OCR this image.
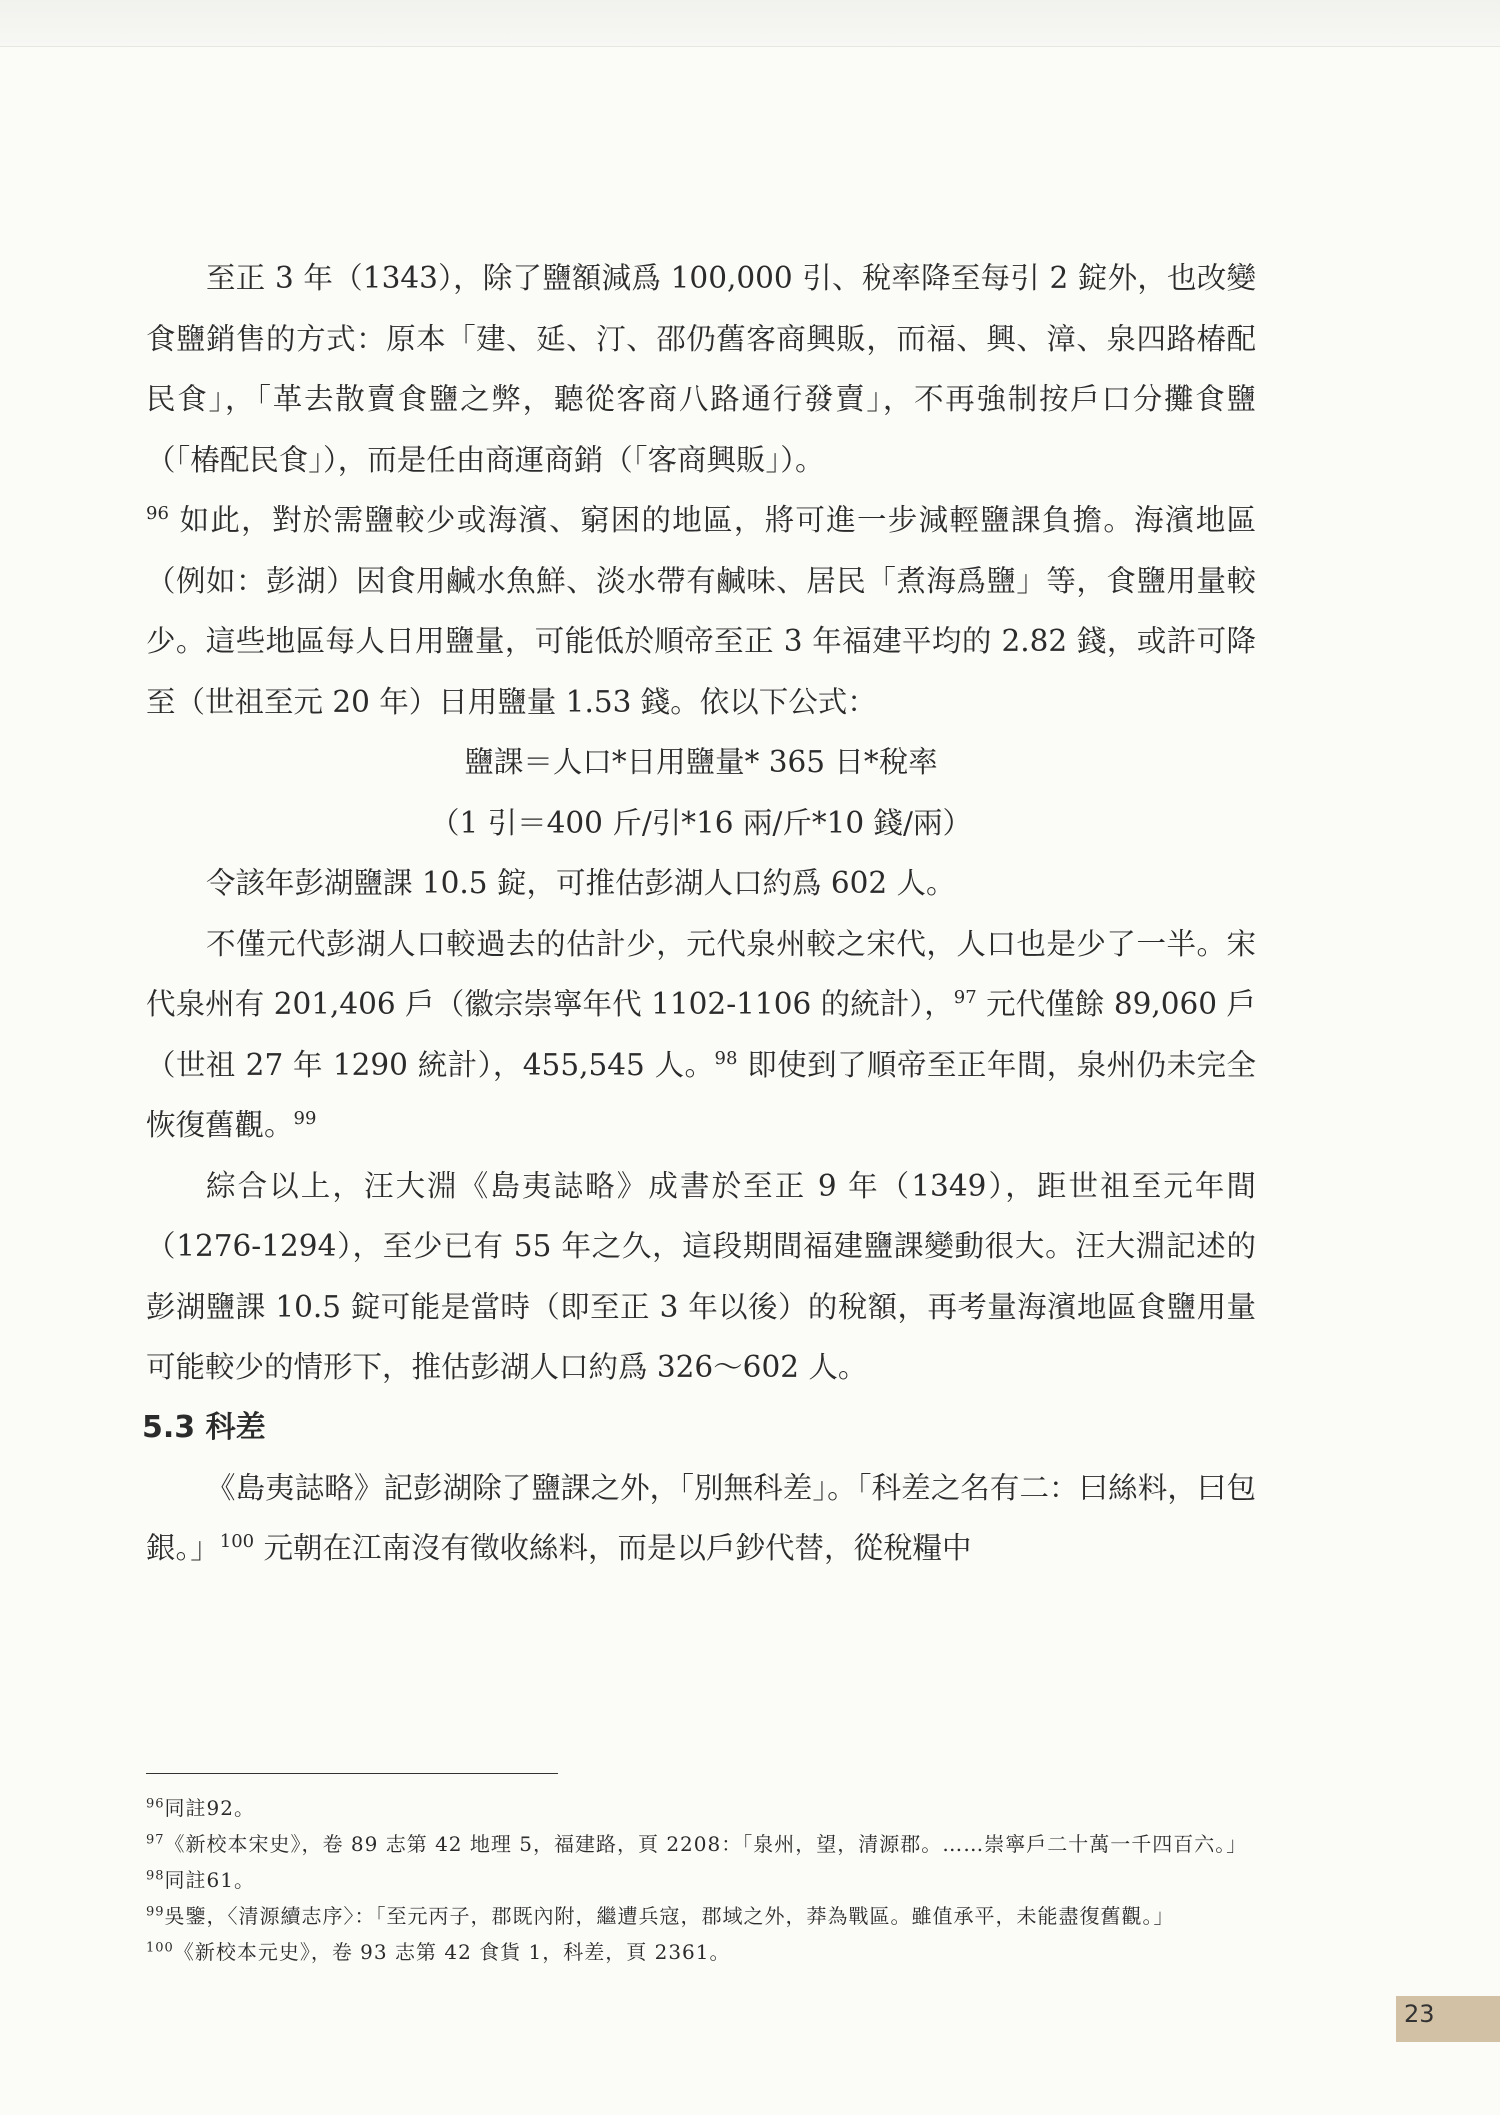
至正 3 年（1343），除了鹽額減爲 100,000 引、稅率降至每引 2 錠外，也改變食鹽銷售的方式：原本「建、延、汀、邵仍舊客商興販，而福、興、漳、泉四路椿配民食」，「革去散賣食鹽之弊，聽從客商八路通行發賣」，不再強制按戶口分攤食鹽（「椿配民食」），而是任由商運商銷（「客商興販」）。

$^{96}$ 如此，對於需鹽較少或海濱、窮困的地區，將可進一步減輕鹽課負擔。海濱地區（例如：彭湖）因食用鹹水魚鮮、淡水帶有鹹味、居民「煮海爲鹽」等，食鹽用量較少。這些地區每人日用鹽量，可能低於順帝至正 3 年福建平均的 2.82 錢，或許可降至（世祖至元 20 年）日用鹽量 1.53 錢。依以下公式：

鹽課＝人口*日用鹽量* 365 日*稅率

（1 引＝400 斤/引*16 兩/斤*10 錢/兩）

令該年彭湖鹽課 10.5 錠，可推估彭湖人口約爲 602 人。

不僅元代彭湖人口較過去的估計少，元代泉州較之宋代，人口也是少了一半。宋代泉州有 201,406 戶（徽宗崇寧年代 1102-1106 的統計），$^{97}$ 元代僅餘 89,060 戶（世祖 27 年 1290 統計），455,545 人。$^{98}$ 即使到了順帝至正年間，泉州仍未完全恢復舊觀。$^{99}$

綜合以上，汪大淵《島夷誌略》成書於至正 9 年（1349），距世祖至元年間（1276-1294），至少已有 55 年之久，這段期間福建鹽課變動很大。汪大淵記述的彭湖鹽課 10.5 錠可能是當時（即至正 3 年以後）的稅額，再考量海濱地區食鹽用量可能較少的情形下，推估彭湖人口約爲 326～602 人。

5.3 科差

《島夷誌略》記彭湖除了鹽課之外，「別無科差」。「科差之名有二：曰絲料，曰包銀。」$^{100}$ 元朝在江南沒有徵收絲料，而是以戶鈔代替，從稅糧中

$^{96}$同註92。

$^{97}$《新校本宋史》，卷 89 志第 42 地理 5，福建路，頁 2208：「泉州，望，清源郡。……崇寧戶二十萬一千四百六。」

$^{98}$同註61。

$^{99}$吳鑒，〈清源續志序〉：「至元丙子，郡既內附，繼遭兵寇，郡域之外，莽為戰區。雖值承平，未能盡復舊觀。」

$^{100}$《新校本元史》，卷 93 志第 42 食貨 1，科差，頁 2361。

23
